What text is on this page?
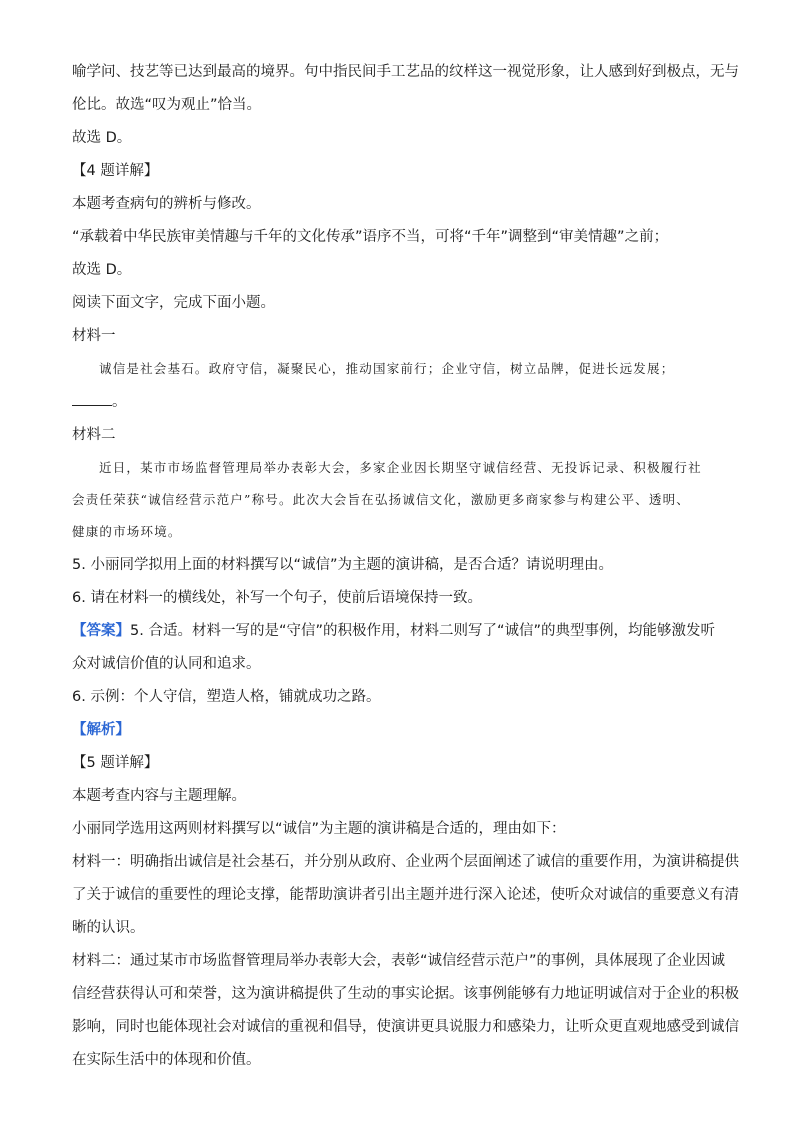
喻学问、技艺等已达到最高的境界。句中指民间手工艺品的纹样这一视觉形象，让人感到好到极点，无与

伦比。故选“叹为观止”恰当。

故选 D。

【4 题详解】

本题考查病句的辨析与修改。

“承载着中华民族审美情趣与千年的文化传承”语序不当，可将“千年”调整到“审美情趣”之前；

故选 D。

阅读下面文字，完成下面小题。

材料一

诚信是社会基石。政府守信，凝聚民心，推动国家前行；企业守信，树立品牌，促进长远发展；

。

材料二

近日，某市市场监督管理局举办表彰大会，多家企业因长期坚守诚信经营、无投诉记录、积极履行社

会责任荣获“诚信经营示范户”称号。此次大会旨在弘扬诚信文化，激励更多商家参与构建公平、透明、

健康的市场环境。

5. 小丽同学拟用上面的材料撰写以“诚信”为主题的演讲稿，是否合适？请说明理由。

6. 请在材料一的横线处，补写一个句子，使前后语境保持一致。

【答案】5. 合适。材料一写的是“守信”的积极作用，材料二则写了“诚信”的典型事例，均能够激发听

众对诚信价值的认同和追求。

6. 示例：个人守信，塑造人格，铺就成功之路。

【解析】

【5 题详解】

本题考查内容与主题理解。

小丽同学选用这两则材料撰写以“诚信”为主题的演讲稿是合适的，理由如下：

材料一：明确指出诚信是社会基石，并分别从政府、企业两个层面阐述了诚信的重要作用，为演讲稿提供

了关于诚信的重要性的理论支撑，能帮助演讲者引出主题并进行深入论述，使听众对诚信的重要意义有清

晰的认识。

材料二：通过某市市场监督管理局举办表彰大会，表彰“诚信经营示范户”的事例，具体展现了企业因诚

信经营获得认可和荣誉，这为演讲稿提供了生动的事实论据。该事例能够有力地证明诚信对于企业的积极

影响，同时也能体现社会对诚信的重视和倡导，使演讲更具说服力和感染力，让听众更直观地感受到诚信

在实际生活中的体现和价值。
